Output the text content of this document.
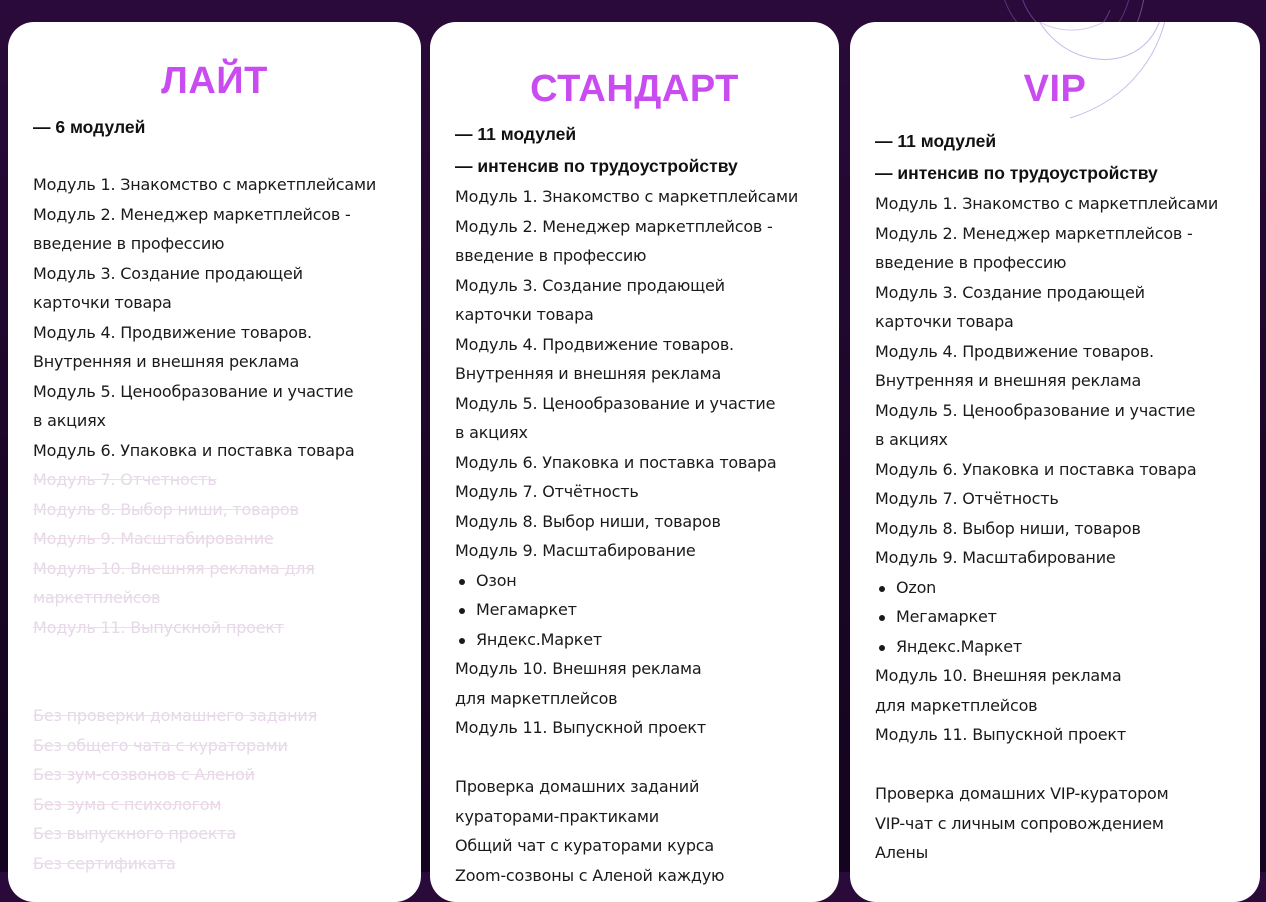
ЛАЙТ

— 6 модулей

Модуль 1. Знакомство с маркетплейсами

Модуль 2. Менеджер маркетплейсов -

введение в профессию

Модуль 3. Создание продающей

карточки товара

Модуль 4. Продвижение товаров.

Внутренняя и внешняя реклама

Модуль 5. Ценообразование и участие

в акциях

Модуль 6. Упаковка и поставка товара

Модуль 7. Отчетность

Модуль 8. Выбор ниши, товаров

Модуль 9. Масштабирование

Модуль 10. Внешняя реклама для

маркетплейсов

Модуль 11. Выпускной проект

Без проверки домашнего задания

Без общего чата с кураторами

Без зум-созвонов с Аленой

Без зума с психологом

Без выпускного проекта

Без сертификата

СТАНДАРТ

— 11 модулей

— интенсив по трудоустройству

Модуль 1. Знакомство с маркетплейсами

Модуль 2. Менеджер маркетплейсов -

введение в профессию

Модуль 3. Создание продающей

карточки товара

Модуль 4. Продвижение товаров.

Внутренняя и внешняя реклама

Модуль 5. Ценообразование и участие

в акциях

Модуль 6. Упаковка и поставка товара

Модуль 7. Отчётность

Модуль 8. Выбор ниши, товаров

Модуль 9. Масштабирование

Озон

Мегамаркет

Яндекс.Маркет

Модуль 10. Внешняя реклама

для маркетплейсов

Модуль 11. Выпускной проект

Проверка домашних заданий

кураторами-практиками

Общий чат с кураторами курса

Zoom-созвоны с Аленой каждую

VIP

— 11 модулей

— интенсив по трудоустройству

Модуль 1. Знакомство с маркетплейсами

Модуль 2. Менеджер маркетплейсов -

введение в профессию

Модуль 3. Создание продающей

карточки товара

Модуль 4. Продвижение товаров.

Внутренняя и внешняя реклама

Модуль 5. Ценообразование и участие

в акциях

Модуль 6. Упаковка и поставка товара

Модуль 7. Отчётность

Модуль 8. Выбор ниши, товаров

Модуль 9. Масштабирование

Ozon

Мегамаркет

Яндекс.Маркет

Модуль 10. Внешняя реклама

для маркетплейсов

Модуль 11. Выпускной проект

Проверка домашних VIP-куратором

VIP-чат с личным сопровождением

Алены
